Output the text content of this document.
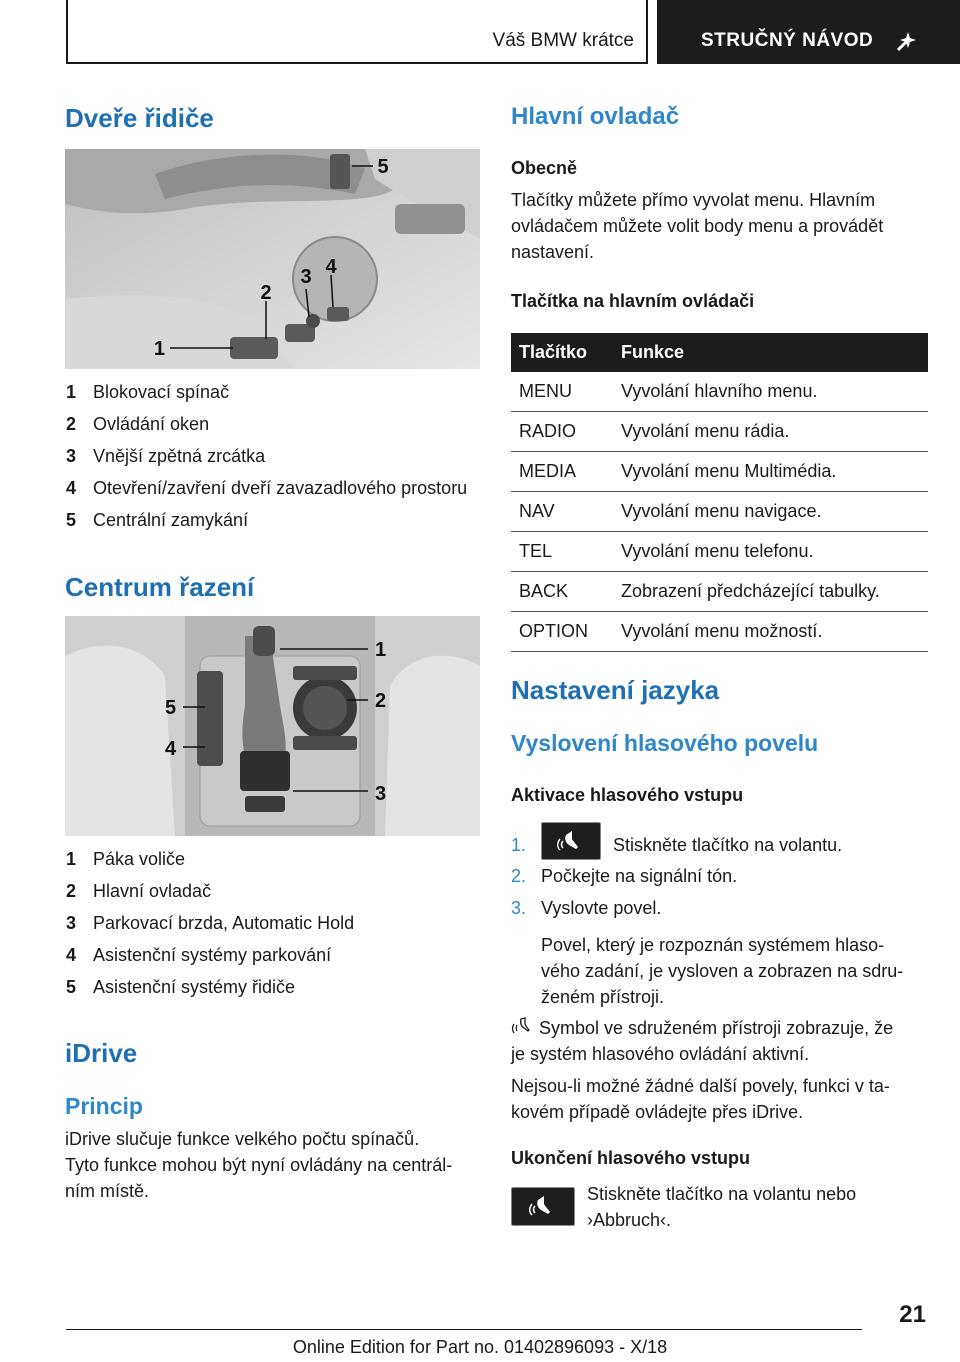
Váš BMW krátce	STRUČNÝ NÁVOD
Dveře řidiče
1
2
3 4
5
1 Blokovací spínač
2 Ovládání oken
3 Vnější zpětná zrcátka
4 Otevření/zavření dveří zavazadlového prostoru
5 Centrální zamykání
Centrum řazení
1
2
3
4
5
1 Páka voliče
2 Hlavní ovladač
3 Parkovací brzda, Automatic Hold
4 Asistenční systémy parkování
5 Asistenční systémy řidiče
iDrive
Princip

iDrive slučuje funkce velkého počtu spínačů.

Tyto funkce mohou být nyní ovládány na centrál-

ním místě.

Hlavní ovladač
Obecně

Tlačítky můžete přímo vyvolat menu. Hlavním

ovládačem můžete volit body menu a provádět

nastavení.

Tlačítka na hlavním ovládači
Tlačítko	Funkce
MENU	Vyvolání hlavního menu.
RADIO	Vyvolání menu rádia.
MEDIA	Vyvolání menu Multimédia.
NAV	Vyvolání menu navigace.
TEL	Vyvolání menu telefonu.
BACK	Zobrazení předcházející tabulky.
OPTION	Vyvolání menu možností.
Nastavení jazyka
Vyslovení hlasového povelu
Aktivace hlasového vstupu
1.	Stiskněte tlačítko na volantu.
2. Počkejte na signální tón.
3. Vyslovte povel.

Povel, který je rozpoznán systémem hlaso-

vého zadání, je vysloven a zobrazen na sdru-

ženém přístroji.

Symbol ve sdruženém přístroji zobrazuje, že

je systém hlasového ovládání aktivní.

Nejsou-li možné žádné další povely, funkci v ta-

kovém případě ovládejte přes iDrive.

Ukončení hlasového vstupu

Stiskněte tlačítko na volantu nebo

›Abbruch‹.

21
Online Edition for Part no. 01402896093 - X/18
